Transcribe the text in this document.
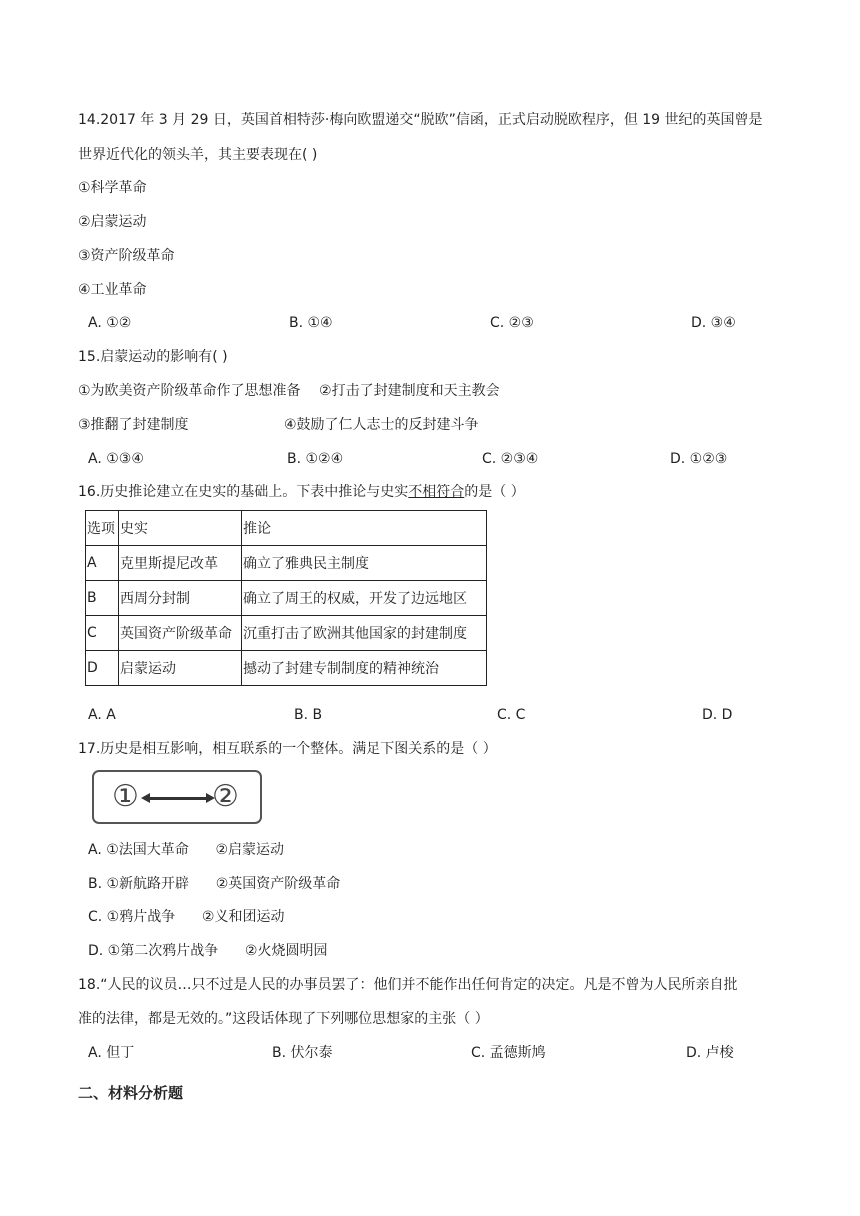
14.2017 年 3 月 29 日，英国首相特莎·梅向欧盟递交“脱欧”信函，正式启动脱欧程序，但 19 世纪的英国曾是
世界近代化的领头羊，其主要表现在( )
①科学革命
②启蒙运动
③资产阶级革命
④工业革命
A. ①②	B. ①④	C. ②③	D. ③④
15.启蒙运动的影响有( )
①为欧美资产阶级革命作了思想准备 ②打击了封建制度和天主教会
③推翻了封建制度	④鼓励了仁人志士的反封建斗争
A. ①③④	B. ①②④	C. ②③④	D. ①②③
16.历史推论建立在史实的基础上。下表中推论与史实不相符合的是（ ）
选项	史实	推论
A	克里斯提尼改革	确立了雅典民主制度
B	西周分封制	确立了周王的权威，开发了边远地区
C	英国资产阶级革命	沉重打击了欧洲其他国家的封建制度
D	启蒙运动	撼动了封建专制制度的精神统治
A. A	B. B	C. C	D. D
17.历史是相互影响，相互联系的一个整体。满足下图关系的是（ ）
① ②
A. ①法国大革命      ②启蒙运动
B. ①新航路开辟      ②英国资产阶级革命
C. ①鸦片战争      ②义和团运动
D. ①第二次鸦片战争      ②火烧圆明园
18.“人民的议员…只不过是人民的办事员罢了：他们并不能作出任何肯定的决定。凡是不曾为人民所亲自批
准的法律，都是无效的。”这段话体现了下列哪位思想家的主张（ ）
A. 但丁	B. 伏尔泰	C. 孟德斯鸠	D. 卢梭
二、材料分析题
